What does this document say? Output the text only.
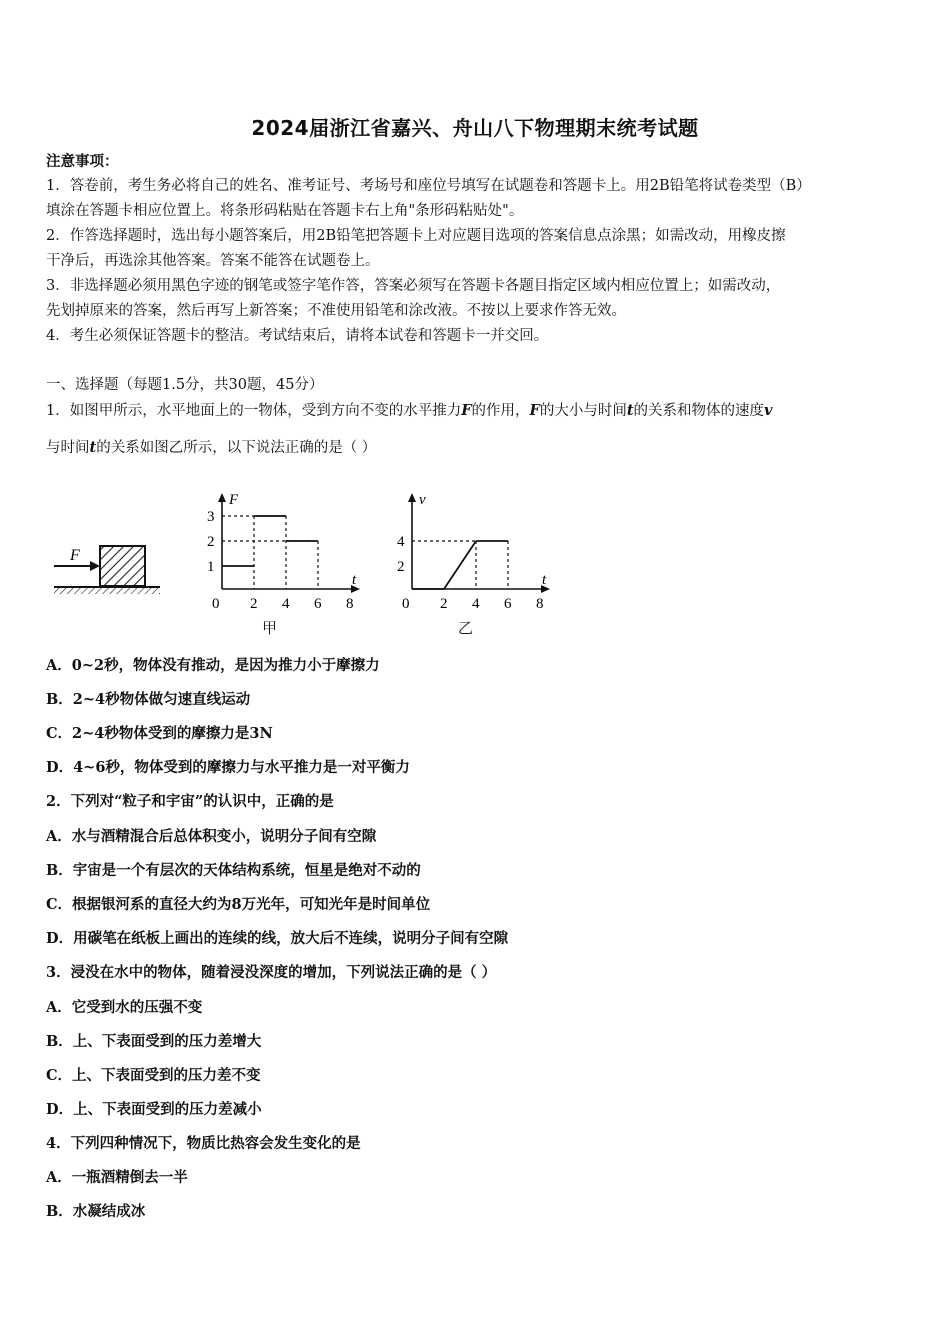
2024届浙江省嘉兴、舟山八下物理期末统考试题
注意事项：
1．答卷前，考生务必将自己的姓名、准考证号、考场号和座位号填写在试题卷和答题卡上。用2B铅笔将试卷类型（B）
填涂在答题卡相应位置上。将条形码粘贴在答题卡右上角"条形码粘贴处"。
2．作答选择题时，选出每小题答案后，用2B铅笔把答题卡上对应题目选项的答案信息点涂黑；如需改动，用橡皮擦
干净后，再选涂其他答案。答案不能答在试题卷上。
3．非选择题必须用黑色字迹的钢笔或签字笔作答，答案必须写在答题卡各题目指定区域内相应位置上；如需改动，
先划掉原来的答案，然后再写上新答案；不准使用铅笔和涂改液。不按以上要求作答无效。
4．考生必须保证答题卡的整洁。考试结束后，请将本试卷和答题卡一并交回。
一、选择题（每题1.5分，共30题，45分）
1．如图甲所示，水平地面上的一物体，受到方向不变的水平推力F的作用，F的大小与时间t的关系和物体的速度v
与时间t的关系如图乙所示，以下说法正确的是（ ）
F
F
t
0 2 4 6 8
1
2
3
甲
v
t
0 2 4 6 8
2
4
乙
A．0~2秒，物体没有推动，是因为推力小于摩擦力
B．2~4秒物体做匀速直线运动
C．2~4秒物体受到的摩擦力是3N
D．4~6秒，物体受到的摩擦力与水平推力是一对平衡力
2．下列对“粒子和宇宙”的认识中，正确的是
A．水与酒精混合后总体积变小，说明分子间有空隙
B．宇宙是一个有层次的天体结构系统，恒星是绝对不动的
C．根据银河系的直径大约为8万光年，可知光年是时间单位
D．用碳笔在纸板上画出的连续的线，放大后不连续，说明分子间有空隙
3．浸没在水中的物体，随着浸没深度的增加，下列说法正确的是（ ）
A．它受到水的压强不变
B．上、下表面受到的压力差增大
C．上、下表面受到的压力差不变
D．上、下表面受到的压力差减小
4．下列四种情况下，物质比热容会发生变化的是
A．一瓶酒精倒去一半
B．水凝结成冰
